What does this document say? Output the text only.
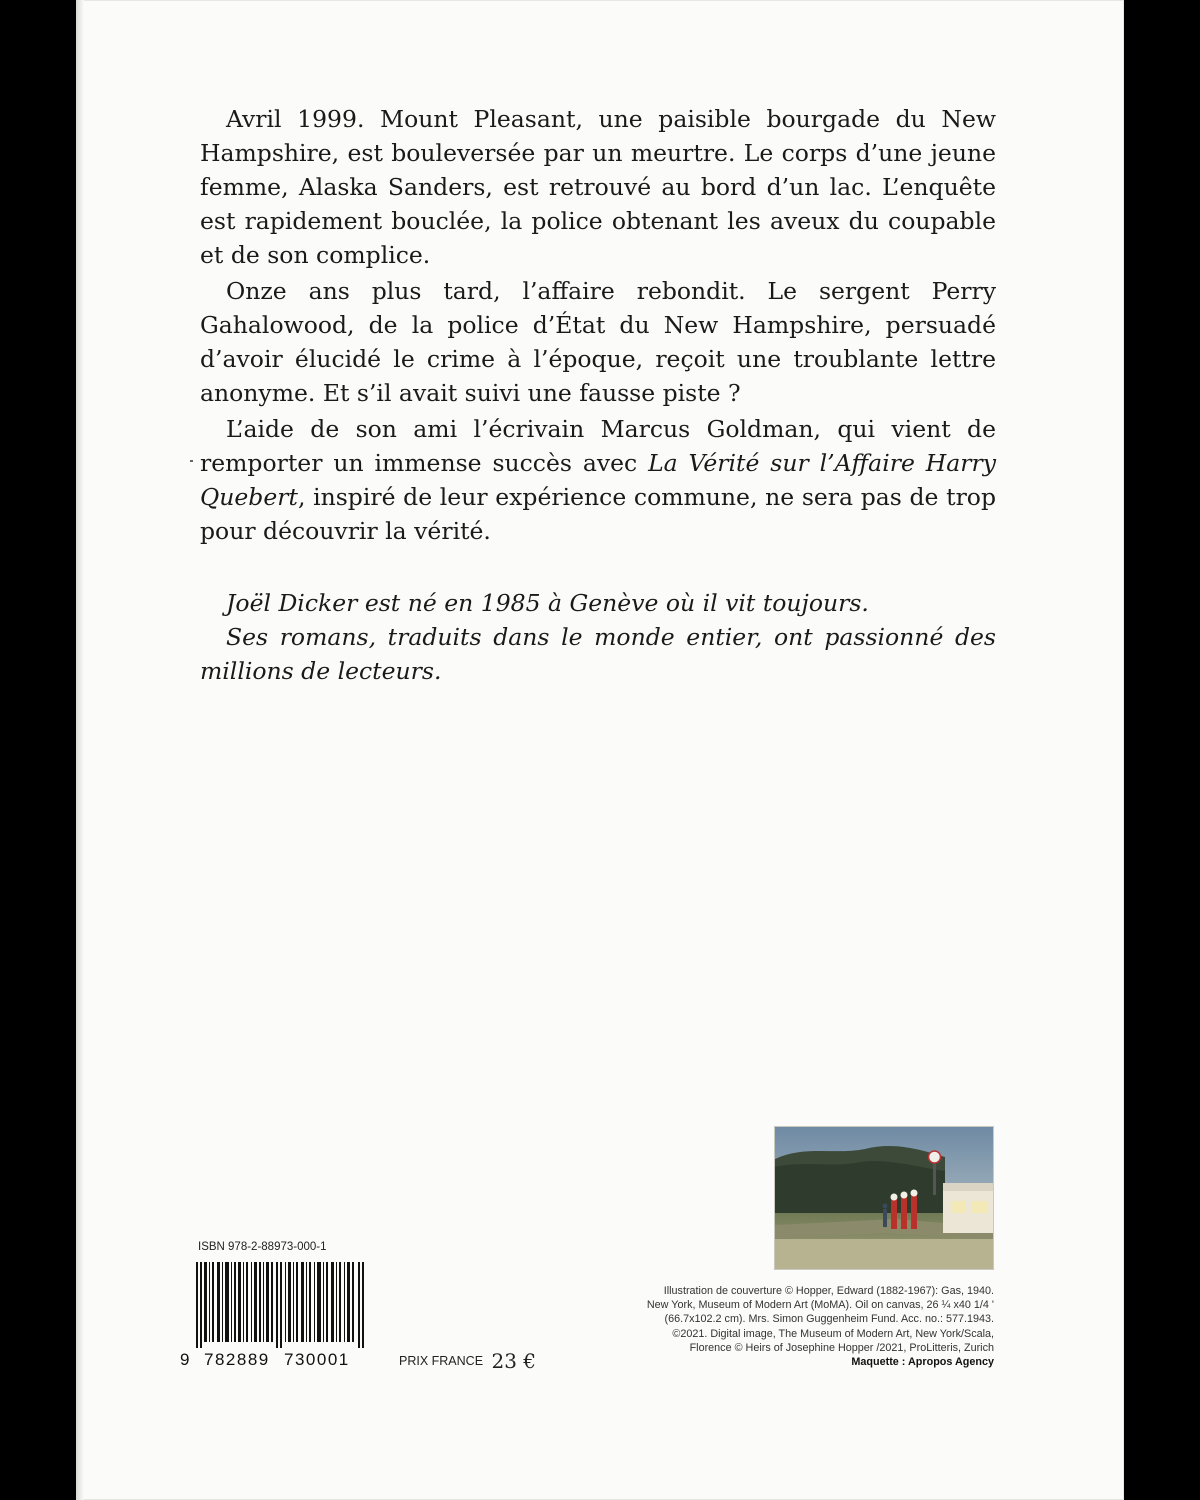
Avril 1999. Mount Pleasant, une paisible bourgade du New Hampshire, est bouleversée par un meurtre. Le corps d’une jeune femme, Alaska Sanders, est retrouvé au bord d’un lac. L’enquête est rapidement bouclée, la police obtenant les aveux du coupable et de son complice.

Onze ans plus tard, l’affaire rebondit. Le sergent Perry Gahalowood, de la police d’État du New Hampshire, persuadé d’avoir élucidé le crime à l’époque, reçoit une troublante lettre anonyme. Et s’il avait suivi une fausse piste ?

L’aide de son ami l’écrivain Marcus Goldman, qui vient de remporter un immense succès avec La Vérité sur l’Affaire Harry Quebert, inspiré de leur expérience commune, ne sera pas de trop pour découvrir la vérité.

Joël Dicker est né en 1985 à Genève où il vit toujours.

Ses romans, traduits dans le monde entier, ont passionné des millions de lecteurs.

ISBN 978-2-88973-000-1
9 782889 730001	PRIX FRANCE 23 €
Illustration de couverture © Hopper, Edward (1882-1967): Gas, 1940.
New York, Museum of Modern Art (MoMA). Oil on canvas, 26 ¼ x40 1/4 '
(66.7x102.2 cm). Mrs. Simon Guggenheim Fund. Acc. no.: 577.1943.
©2021. Digital image, The Museum of Modern Art, New York/Scala,
Florence © Heirs of Josephine Hopper /2021, ProLitteris, Zurich
Maquette : Apropos Agency
